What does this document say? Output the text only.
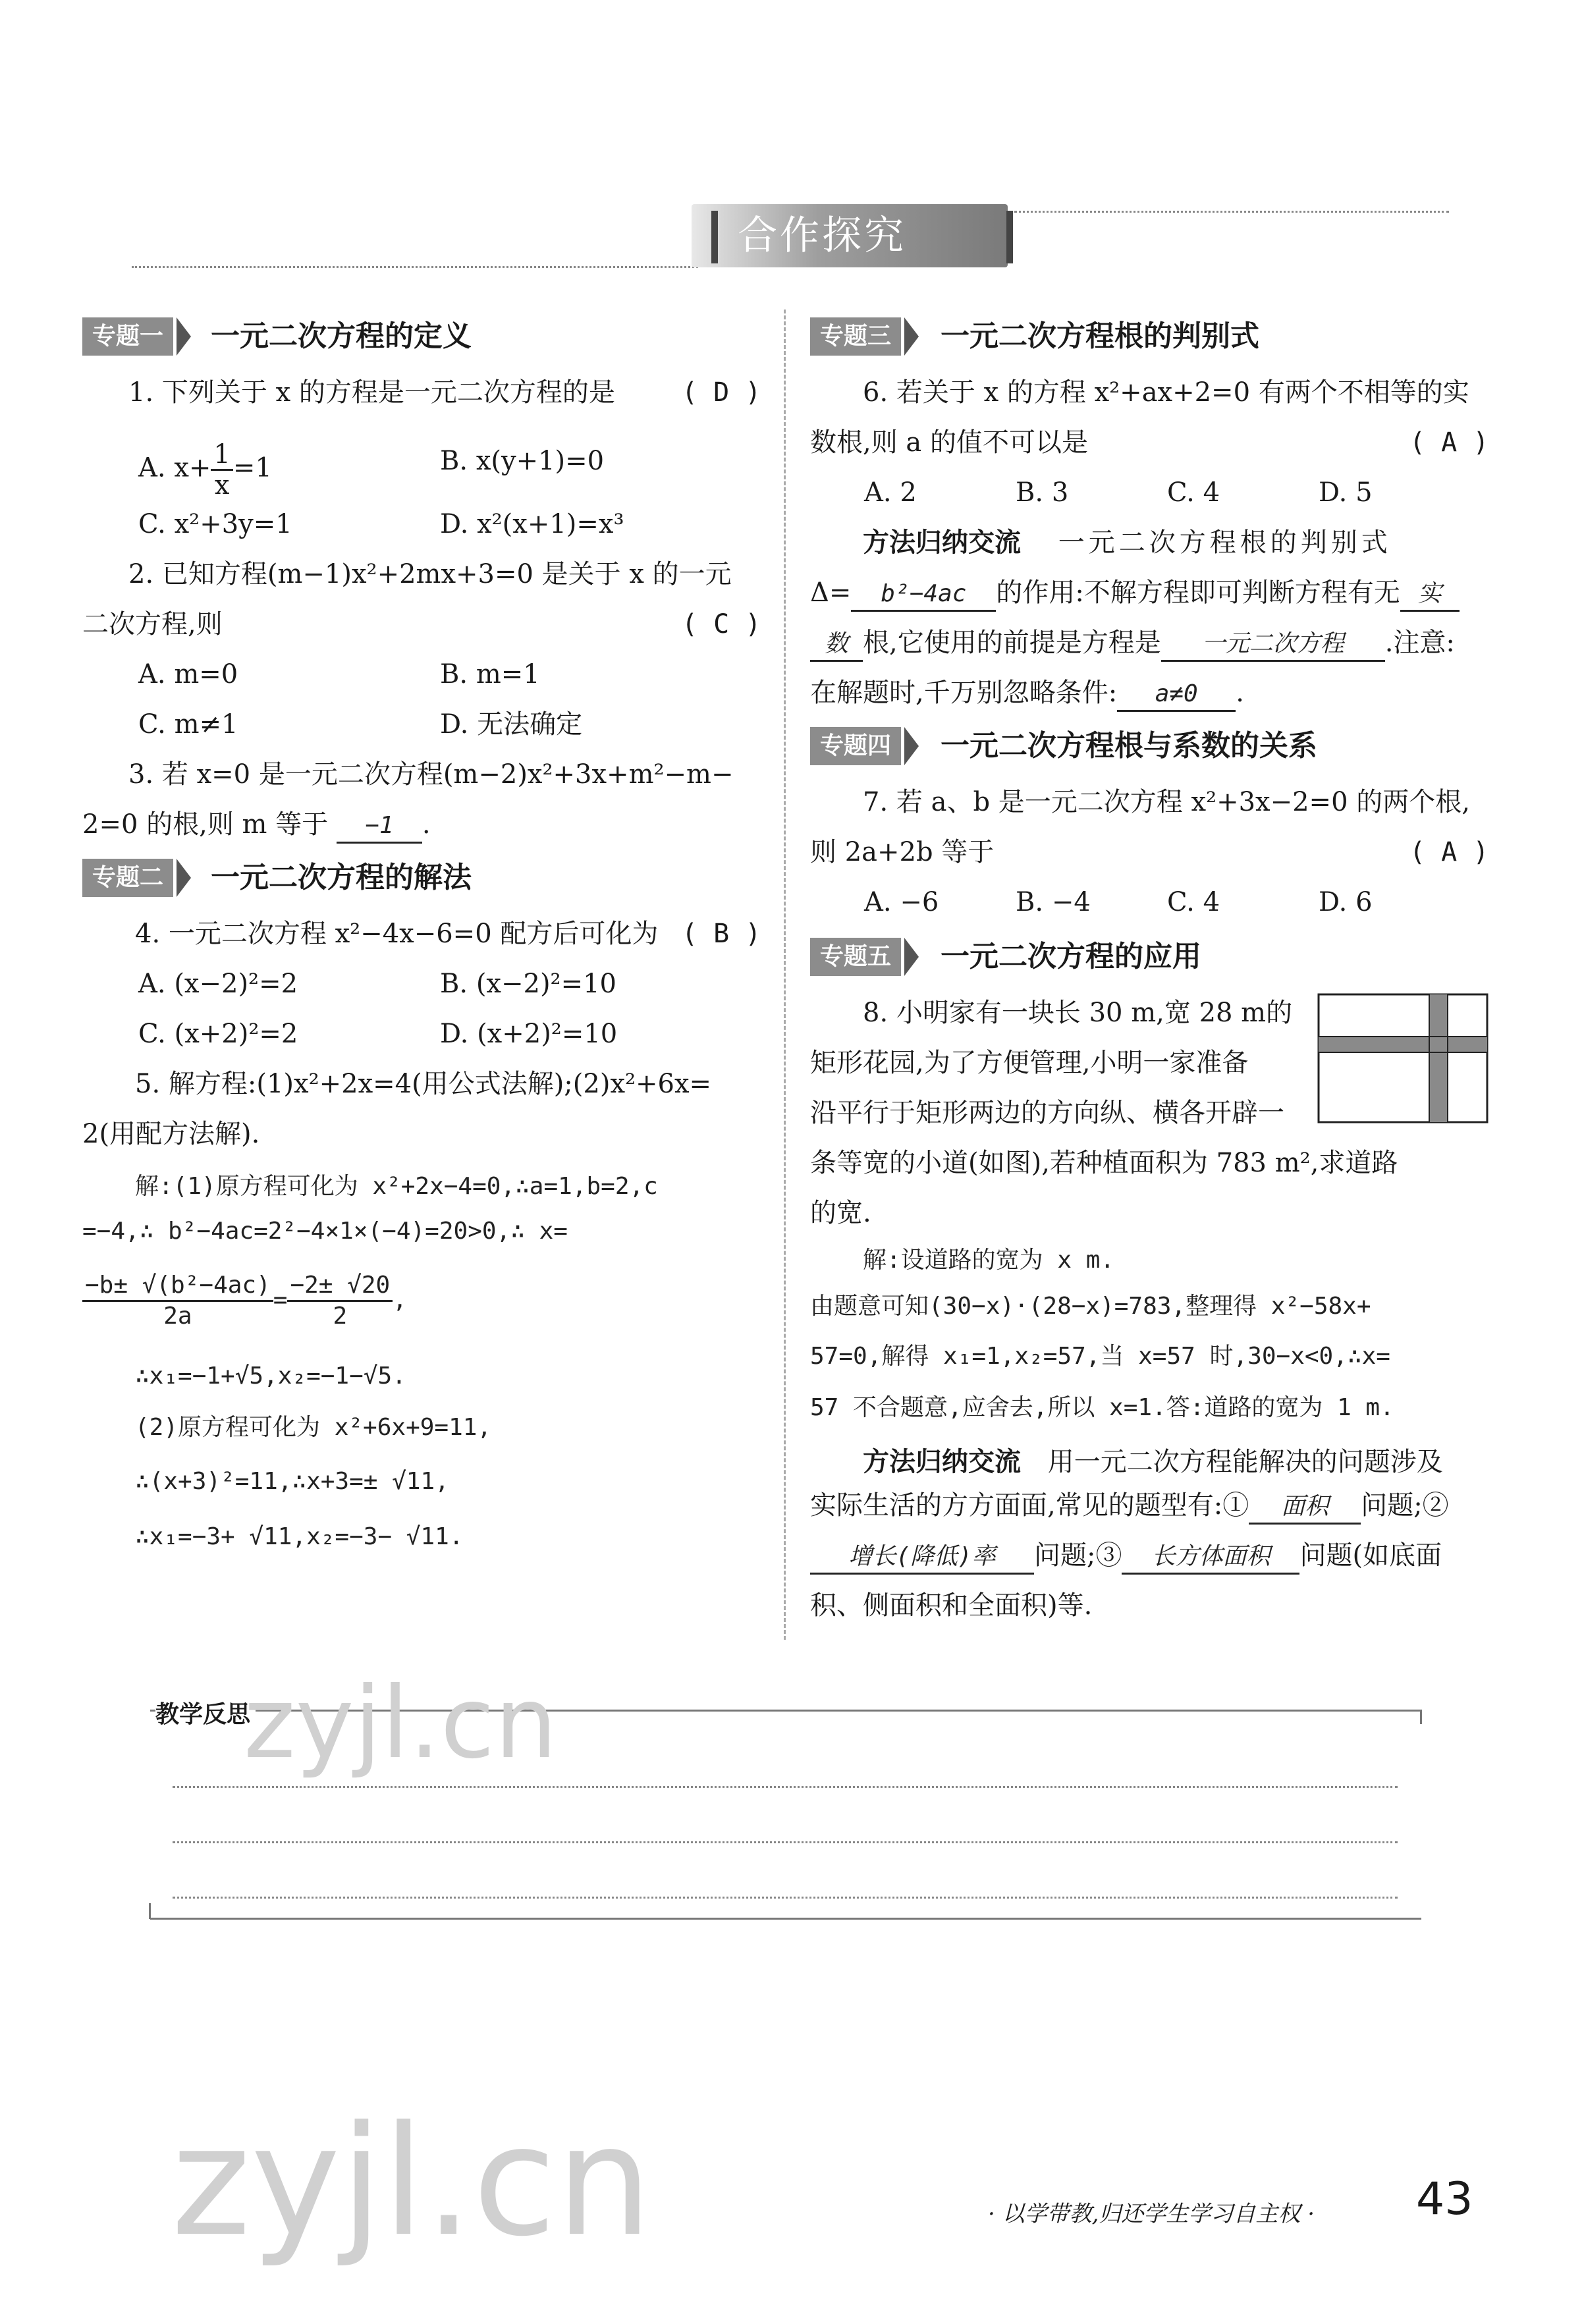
合作探究
专题一	一元二次方程的定义
1. 下列关于 x 的方程是一元二次方程的是	( D )
A. $x+ \frac{1}{x} =1$	B. x(y+1)=0
C. x²+3y=1	D. x²(x+1)=x³
2. 已知方程(m−1)x²+2mx+3=0 是关于 x 的一元
二次方程,则	( C )
A. m=0	B. m=1
C. m≠1	D. 无法确定
3. 若 x=0 是一元二次方程(m−2)x²+3x+m²−m−
2=0 的根,则 m 等于 −1 .
专题二	一元二次方程的解法
4. 一元二次方程 x²−4x−6=0 配方后可化为 ( B )
A. (x−2)²=2	B. (x−2)²=10
C. (x+2)²=2	D. (x+2)²=10
5. 解方程:(1)x²+2x=4(用公式法解);(2)x²+6x=
2(用配方法解).
解:(1)原方程可化为 x²+2x−4=0,∴a=1,b=2,c
=−4,∴ b²−4ac=2²−4×1×(−4)=20>0,∴ x=
$\frac{\text{−b± √(b²−4ac)}}{2a} = \frac{-2\pm √20}{2}$ ,
∴x₁=−1+√5,x₂=−1−√5.
(2)原方程可化为 x²+6x+9=11,
∴(x+3)²=11,∴x+3=± √11,
∴x₁=−3+ √11,x₂=−3− √11.
专题三	一元二次方程根的判别式
6. 若关于 x 的方程 x²+ax+2=0 有两个不相等的实
数根,则 a 的值不可以是	( A )
A. 2	B. 3	C. 4	D. 5
方法归纳交流 一元二次方程根的判别式
Δ= b²−4ac 的作用:不解方程即可判断方程有无 实
数 根,它使用的前提是方程是 一元二次方程 .注意:
在解题时,千万别忽略条件: a≠0 .
专题四	一元二次方程根与系数的关系
7. 若 a、b 是一元二次方程 x²+3x−2=0 的两个根,
则 2a+2b 等于	( A )
A. −6	B. −4	C. 4	D. 6
专题五	一元二次方程的应用
8. 小明家有一块长 30 m,宽 28 m的
矩形花园,为了方便管理,小明一家准备
沿平行于矩形两边的方向纵、横各开辟一
条等宽的小道(如图),若种植面积为 783 m²,求道路
的宽.
解:设道路的宽为 x m.
由题意可知(30−x)·(28−x)=783,整理得 x²−58x+
57=0,解得 x₁=1,x₂=57,当 x=57 时,30−x<0,∴x=
57 不合题意,应舍去,所以 x=1.答:道路的宽为 1 m.
方法归纳交流 用一元二次方程能解决的问题涉及
实际生活的方方面面,常见的题型有:① 面积 问题;②
增长(降低)率 问题;③ 长方体面积 问题(如底面
积、侧面积和全面积)等.
教学反思
zyjl.cn
zyjl.cn	· 以学带教,归还学生学习自主权 · 43
